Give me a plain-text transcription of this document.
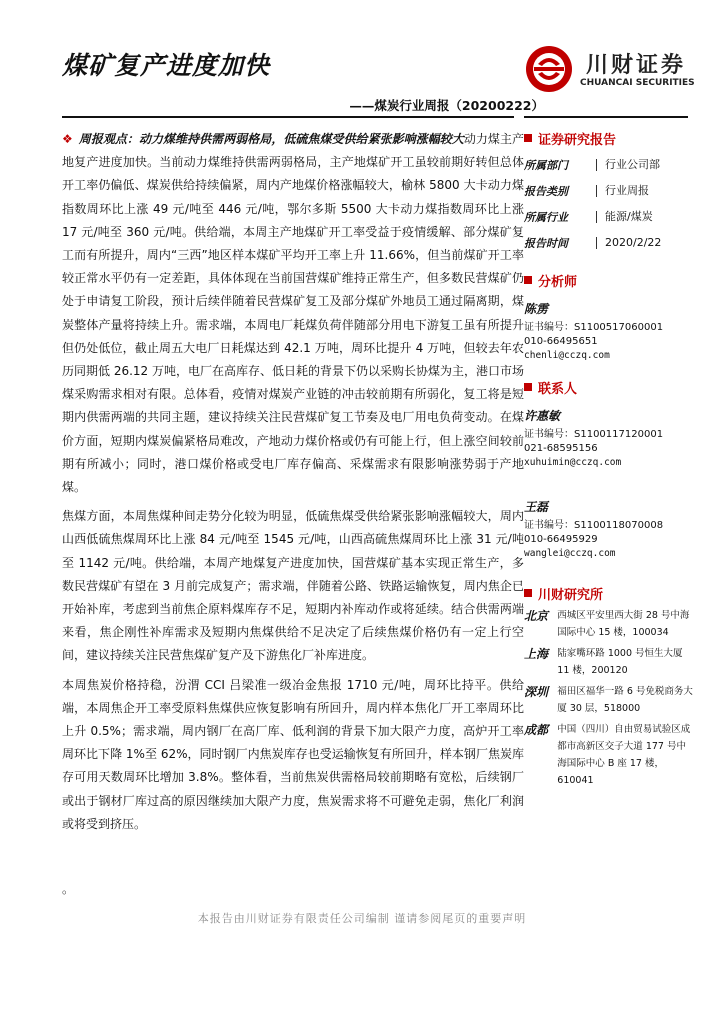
煤矿复产进度加快	川财证券
CHUANCAI SECURITIES
——煤炭行业周报（20200222）

❖ 周报观点：动力煤维持供需两弱格局，低硫焦煤受供给紧张影响涨幅较大动力煤主产地复产进度加快。当前动力煤维持供需两弱格局，主产地煤矿开工虽较前期好转但总体开工率仍偏低、煤炭供给持续偏紧，周内产地煤价格涨幅较大，榆林 5800 大卡动力煤指数周环比上涨 49 元/吨至 446 元/吨，鄂尔多斯 5500 大卡动力煤指数周环比上涨 17 元/吨至 360 元/吨。供给端，本周主产地煤矿开工率受益于疫情缓解、部分煤矿复工而有所提升，周内“三西”地区样本煤矿平均开工率上升 11.66%，但当前煤矿开工率较正常水平仍有一定差距，具体体现在当前国营煤矿维持正常生产，但多数民营煤矿仍处于申请复工阶段，预计后续伴随着民营煤矿复工及部分煤矿外地员工通过隔离期，煤炭整体产量将持续上升。需求端，本周电厂耗煤负荷伴随部分用电下游复工虽有所提升但仍处低位，截止周五大电厂日耗煤达到 42.1 万吨，周环比提升 4 万吨，但较去年农历同期低 26.12 万吨，电厂在高库存、低日耗的背景下仍以采购长协煤为主，港口市场煤采购需求相对有限。总体看，疫情对煤炭产业链的冲击较前期有所弱化，复工将是短期内供需两端的共同主题，建议持续关注民营煤矿复工节奏及电厂用电负荷变动。在煤价方面，短期内煤炭偏紧格局难改，产地动力煤价格或仍有可能上行，但上涨空间较前期有所减小；同时，港口煤价格或受电厂库存偏高、采煤需求有限影响涨势弱于产地煤。

焦煤方面，本周焦煤种间走势分化较为明显，低硫焦煤受供给紧张影响涨幅较大，周内山西低硫焦煤周环比上涨 84 元/吨至 1545 元/吨，山西高硫焦煤周环比上涨 31 元/吨至 1142 元/吨。供给端，本周产地煤复产进度加快，国营煤矿基本实现正常生产，多数民营煤矿有望在 3 月前完成复产；需求端，伴随着公路、铁路运输恢复，周内焦企已开始补库，考虑到当前焦企原料煤库存不足，短期内补库动作或将延续。结合供需两端来看，焦企刚性补库需求及短期内焦煤供给不足决定了后续焦煤价格仍有一定上行空间，建议持续关注民营焦煤矿复产及下游焦化厂补库进度。

本周焦炭价格持稳，汾渭 CCI 吕梁准一级冶金焦报 1710 元/吨，周环比持平。供给端，本周焦企开工率受原料焦煤供应恢复影响有所回升，周内样本焦化厂开工率周环比上升 0.5%；需求端，周内钢厂在高厂库、低利润的背景下加大限产力度，高炉开工率周环比下降 1%至 62%，同时钢厂内焦炭库存也受运输恢复有所回升，样本钢厂焦炭库存可用天数周环比增加 3.8%。整体看，当前焦炭供需格局较前期略有宽松，后续钢厂或出于钢材厂库过高的原因继续加大限产力度，焦炭需求将不可避免走弱，焦化厂利润或将受到挤压。

。
证券研究报告
所属部门	行业公司部
报告类别	行业周报
所属行业	能源/煤炭
报告时间	2020/2/22
分析师
陈雳
证书编号：S1100517060001
010-66495651
chenli@cczq.com
联系人
许惠敏
证书编号：S1100117120001
021-68595156
xuhuimin@cczq.com
王磊
证书编号：S1100118070008
010-66495929
wanglei@cczq.com
川财研究所
北京 西城区平安里西大街 28 号中海国际中心 15 楼，100034
上海 陆家嘴环路 1000 号恒生大厦 11 楼，200120
深圳 福田区福华一路 6 号免税商务大厦 30 层，518000
成都 中国（四川）自由贸易试验区成都市高新区交子大道 177 号中海国际中心 B 座 17 楼，610041
本报告由川财证券有限责任公司编制 谨请参阅尾页的重要声明
